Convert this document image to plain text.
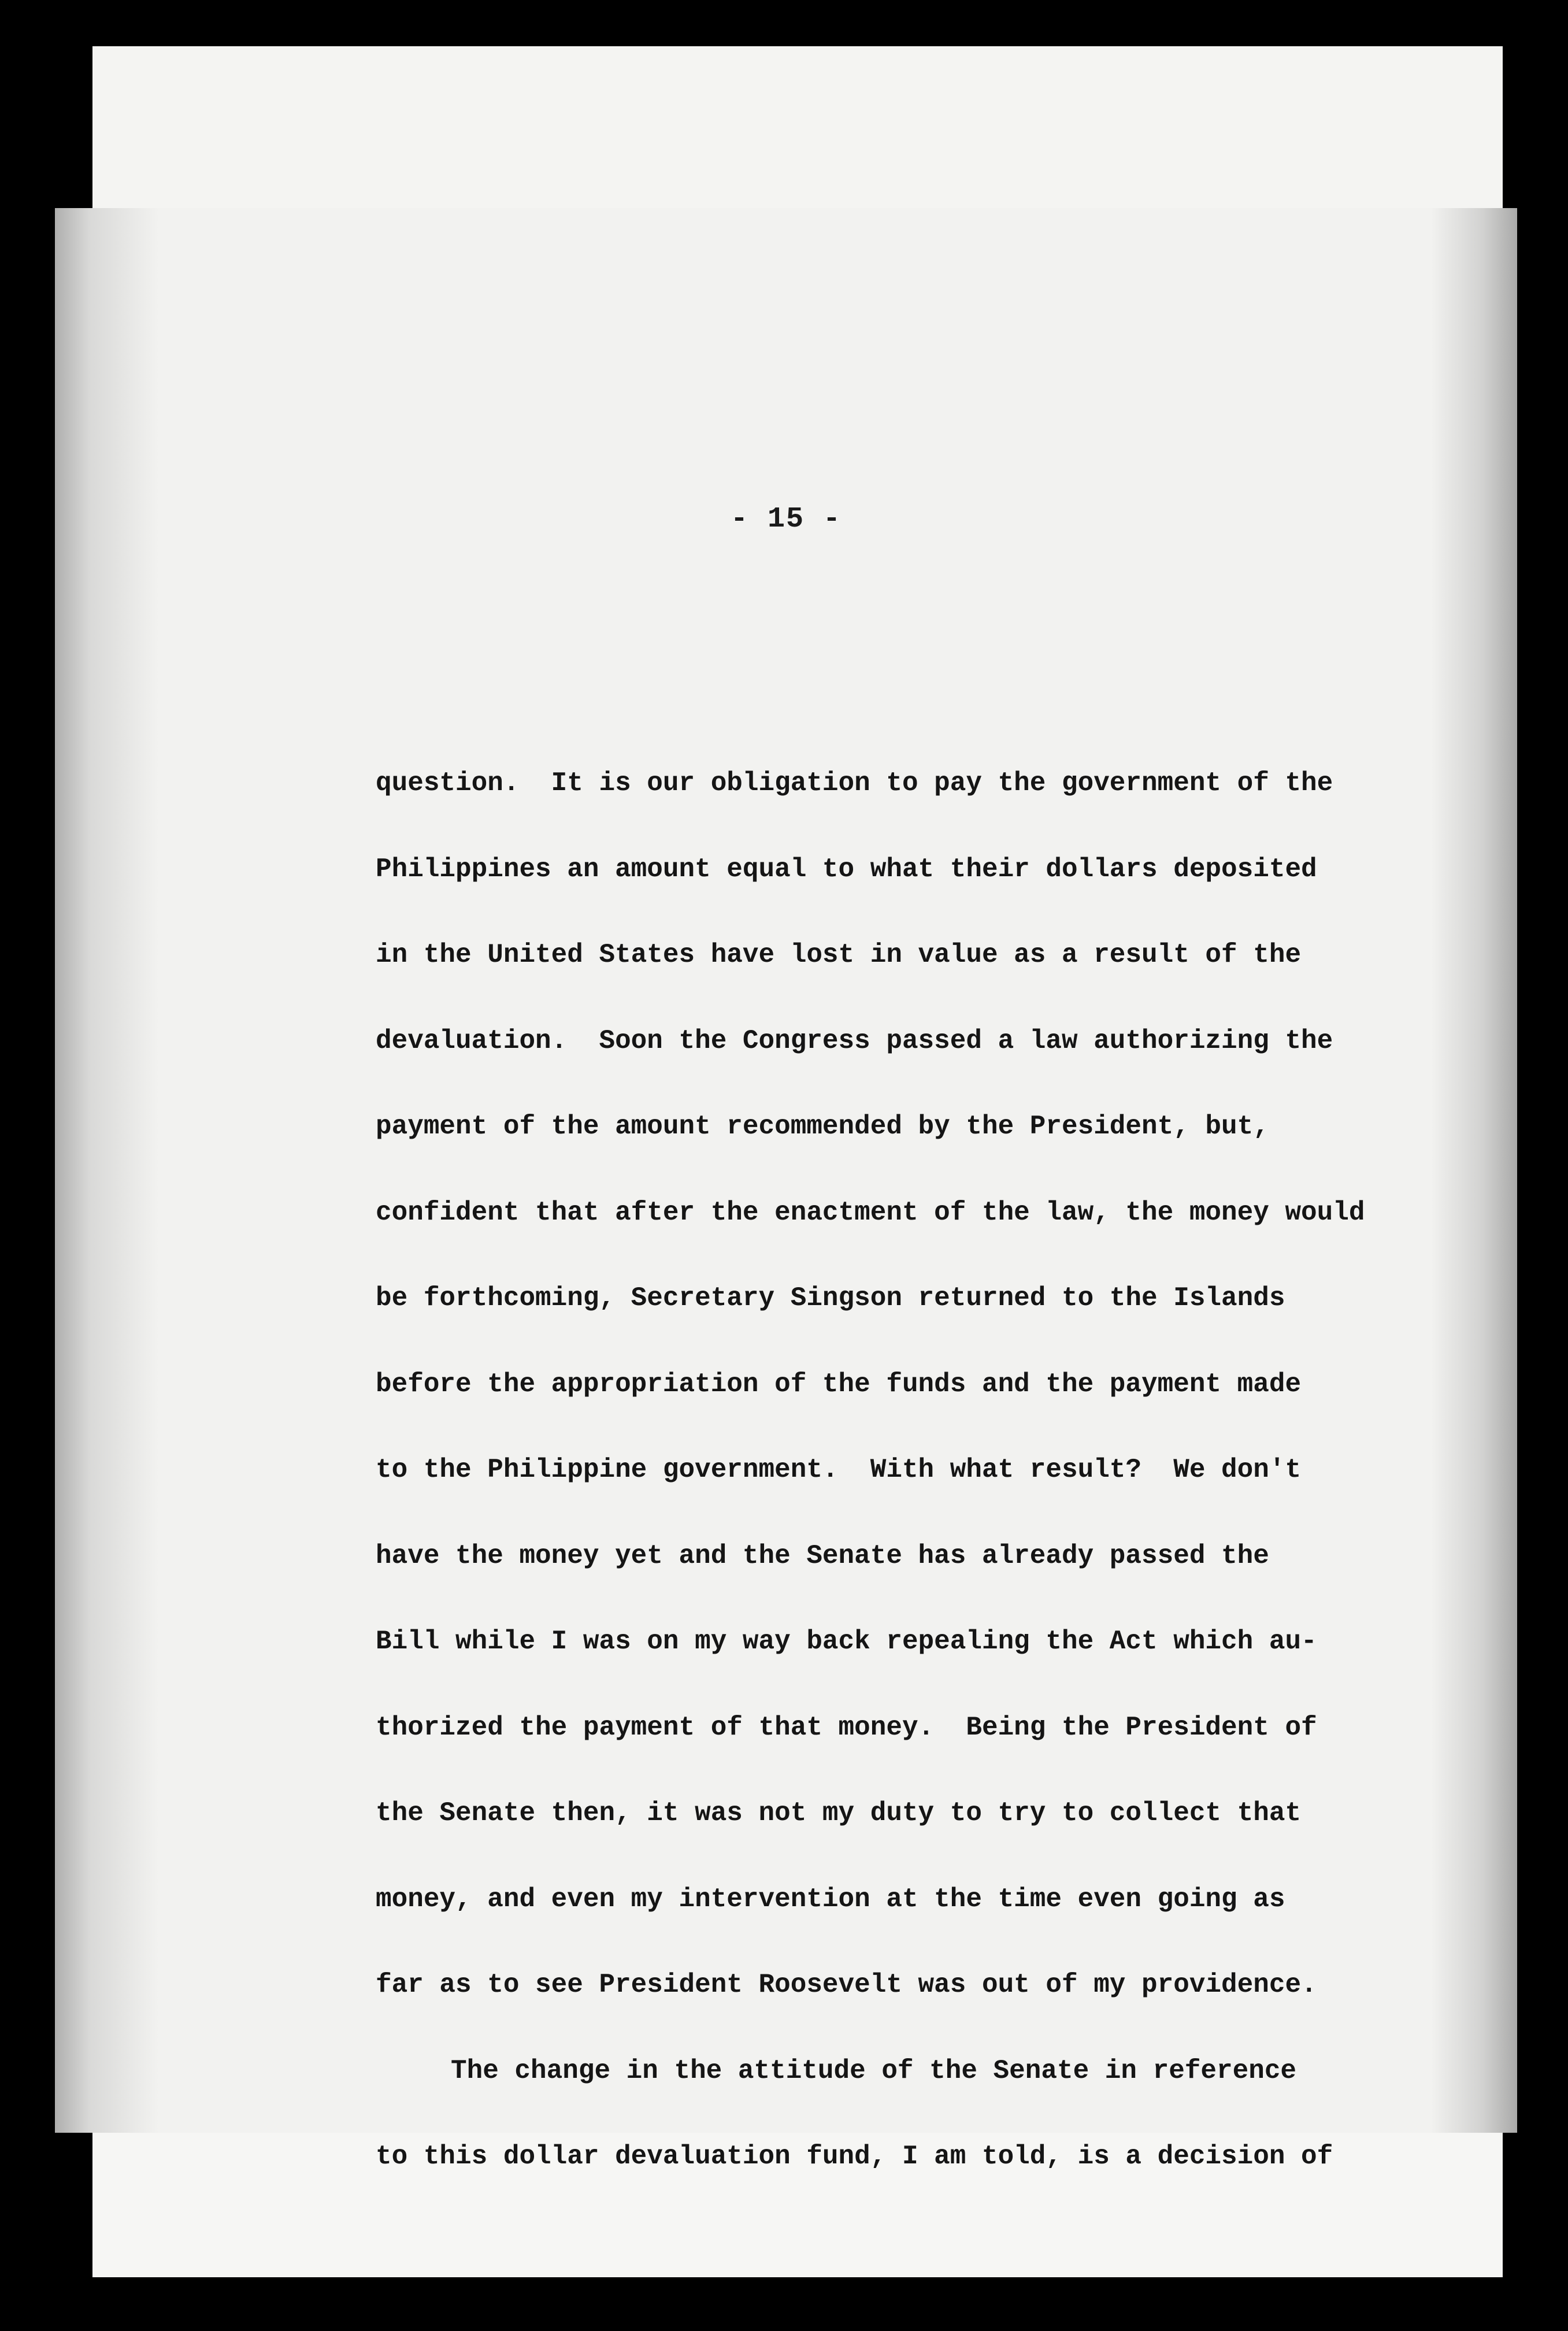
- 15 -
question.  It is our obligation to pay the government of the
Philippines an amount equal to what their dollars deposited
in the United States have lost in value as a result of the
devaluation.  Soon the Congress passed a law authorizing the
payment of the amount recommended by the President, but,
confident that after the enactment of the law, the money would
be forthcoming, Secretary Singson returned to the Islands
before the appropriation of the funds and the payment made
to the Philippine government.  With what result?  We don't
have the money yet and the Senate has already passed the
Bill while I was on my way back repealing the Act which au-
thorized the payment of that money.  Being the President of
the Senate then, it was not my duty to try to collect that
money, and even my intervention at the time even going as
far as to see President Roosevelt was out of my providence.
The change in the attitude of the Senate in reference
to this dollar devaluation fund, I am told, is a decision of
